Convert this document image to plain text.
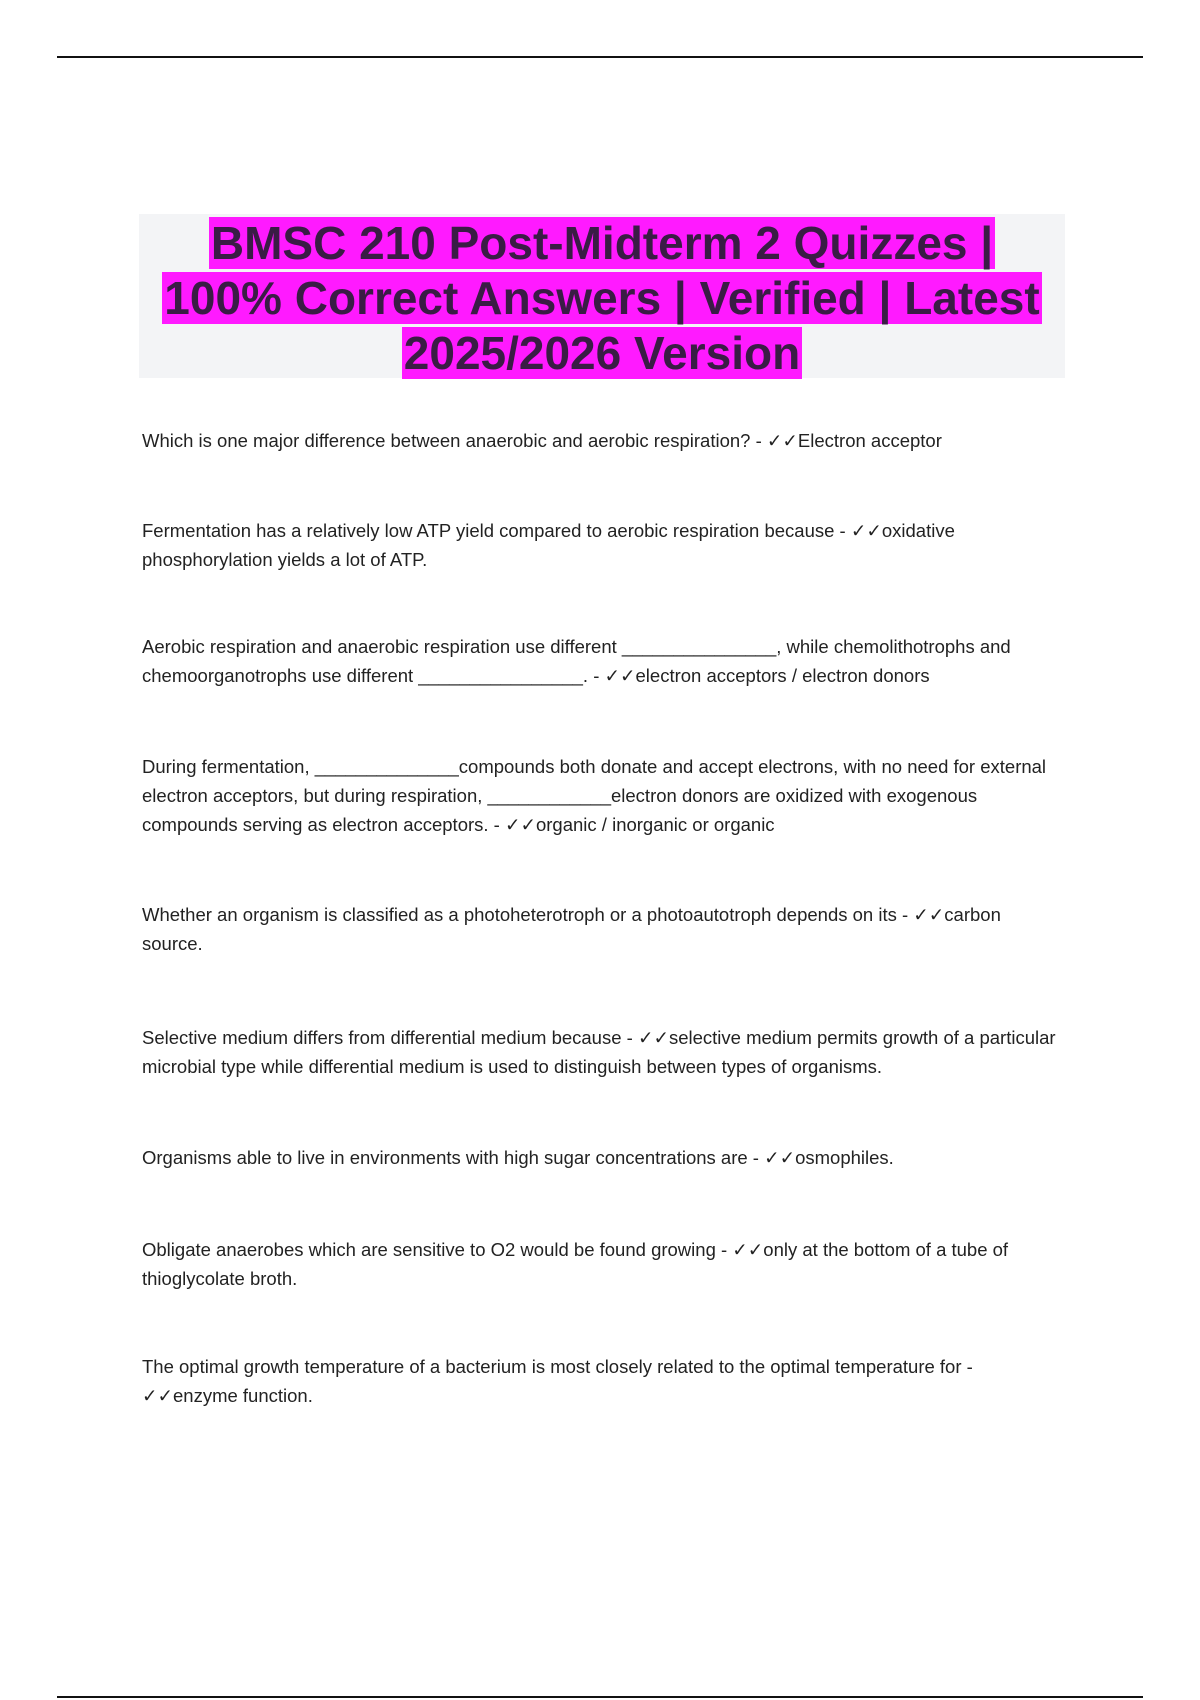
BMSC 210 Post-Midterm 2 Quizzes |
100% Correct Answers | Verified | Latest
2025/2026 Version
Which is one major difference between anaerobic and aerobic respiration? - ✓✓Electron acceptor
Fermentation has a relatively low ATP yield compared to aerobic respiration because - ✓✓oxidative phosphorylation yields a lot of ATP.
Aerobic respiration and anaerobic respiration use different _______________, while chemolithotrophs and chemoorganotrophs use different ________________. - ✓✓electron acceptors / electron donors
During fermentation, ______________compounds both donate and accept electrons, with no need for external electron acceptors, but during respiration, ____________electron donors are oxidized with exogenous compounds serving as electron acceptors. - ✓✓organic / inorganic or organic
Whether an organism is classified as a photoheterotroph or a photoautotroph depends on its - ✓✓carbon source.
Selective medium differs from differential medium because - ✓✓selective medium permits growth of a particular microbial type while differential medium is used to distinguish between types of organisms.
Organisms able to live in environments with high sugar concentrations are - ✓✓osmophiles.
Obligate anaerobes which are sensitive to O2 would be found growing - ✓✓only at the bottom of a tube of thioglycolate broth.
The optimal growth temperature of a bacterium is most closely related to the optimal temperature for - ✓✓enzyme function.
